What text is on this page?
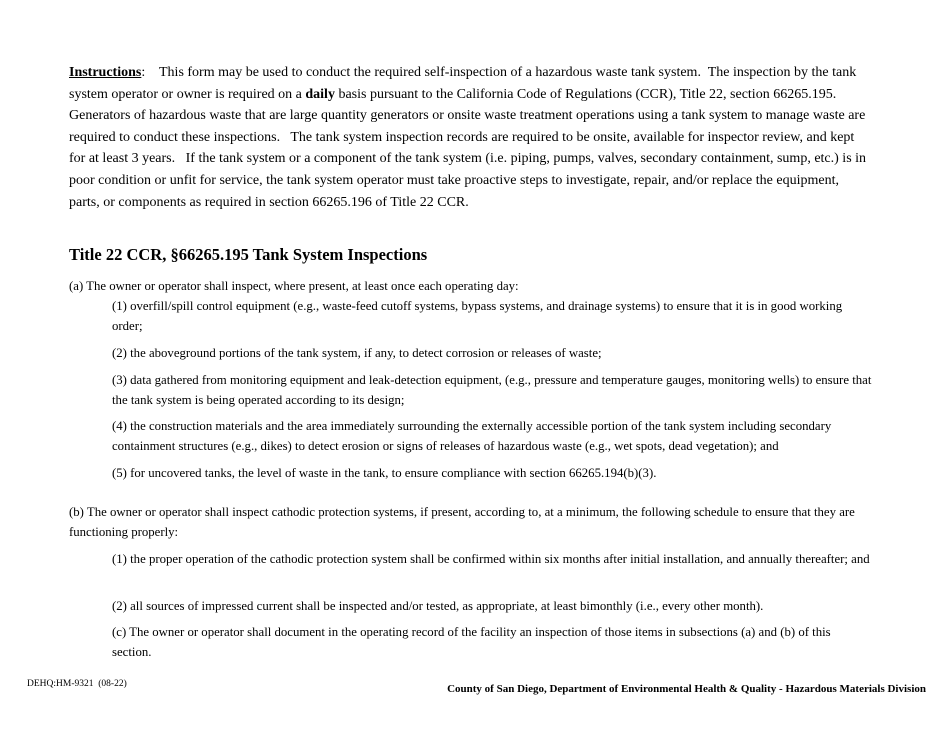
Instructions:    This form may be used to conduct the required self-inspection of a hazardous waste tank system.  The inspection by the tank system operator or owner is required on a daily basis pursuant to the California Code of Regulations (CCR), Title 22, section 66265.195.   Generators of hazardous waste that are large quantity generators or onsite waste treatment operations using a tank system to manage waste are required to conduct these inspections.   The tank system inspection records are required to be onsite, available for inspector review, and kept for at least 3 years.   If the tank system or a component of the tank system (i.e. piping, pumps, valves, secondary containment, sump, etc.) is in poor condition or unfit for service, the tank system operator must take proactive steps to investigate, repair, and/or replace the equipment, parts, or components as required in section 66265.196 of Title 22 CCR.
Title 22 CCR, §66265.195 Tank System Inspections
(a) The owner or operator shall inspect, where present, at least once each operating day:
(1) overfill/spill control equipment (e.g., waste-feed cutoff systems, bypass systems, and drainage systems) to ensure that it is in good working order;
(2) the aboveground portions of the tank system, if any, to detect corrosion or releases of waste;
(3) data gathered from monitoring equipment and leak-detection equipment, (e.g., pressure and temperature gauges, monitoring wells) to ensure that the tank system is being operated according to its design;
(4) the construction materials and the area immediately surrounding the externally accessible portion of the tank system including secondary containment structures (e.g., dikes) to detect erosion or signs of releases of hazardous waste (e.g., wet spots, dead vegetation); and
(5) for uncovered tanks, the level of waste in the tank, to ensure compliance with section 66265.194(b)(3).
(b) The owner or operator shall inspect cathodic protection systems, if present, according to, at a minimum, the following schedule to ensure that they are functioning properly:
(1) the proper operation of the cathodic protection system shall be confirmed within six months after initial installation, and annually thereafter; and
(2) all sources of impressed current shall be inspected and/or tested, as appropriate, at least bimonthly (i.e., every other month).
(c) The owner or operator shall document in the operating record of the facility an inspection of those items in subsections (a) and (b) of this section.
DEHQ:HM-9321  (08-22)	County of San Diego, Department of Environmental Health & Quality - Hazardous Materials Division
